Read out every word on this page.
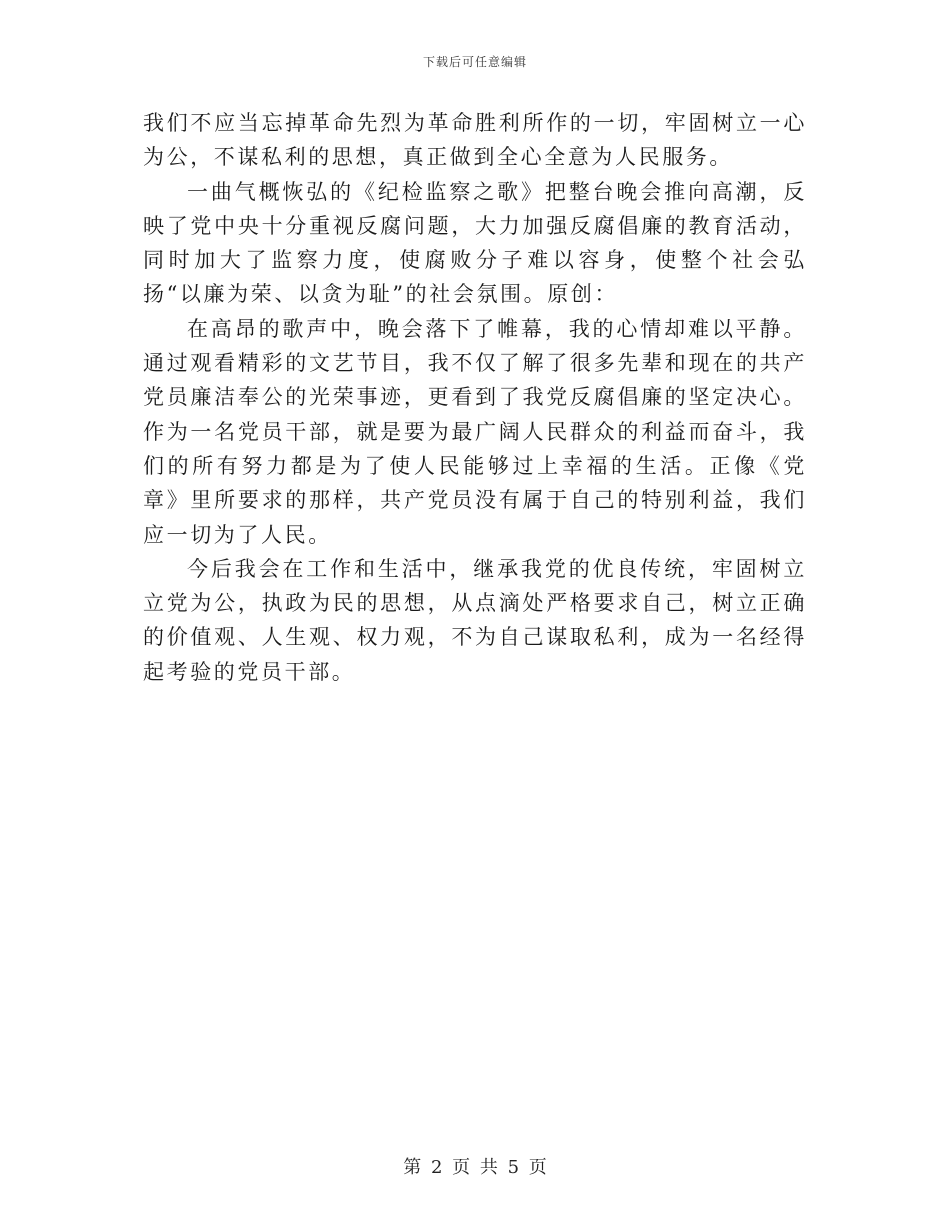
下载后可任意编辑

我们不应当忘掉革命先烈为革命胜利所作的一切，牢固树立一心为公，不谋私利的思想，真正做到全心全意为人民服务。

一曲气概恢弘的《纪检监察之歌》把整台晚会推向高潮，反映了党中央十分重视反腐问题，大力加强反腐倡廉的教育活动，同时加大了监察力度，使腐败分子难以容身，使整个社会弘扬“以廉为荣、以贪为耻”的社会氛围。原创：

在高昂的歌声中，晚会落下了帷幕，我的心情却难以平静。通过观看精彩的文艺节目，我不仅了解了很多先辈和现在的共产党员廉洁奉公的光荣事迹，更看到了我党反腐倡廉的坚定决心。作为一名党员干部，就是要为最广阔人民群众的利益而奋斗，我们的所有努力都是为了使人民能够过上幸福的生活。正像《党章》里所要求的那样，共产党员没有属于自己的特别利益，我们应一切为了人民。

今后我会在工作和生活中，继承我党的优良传统，牢固树立立党为公，执政为民的思想，从点滴处严格要求自己，树立正确的价值观、人生观、权力观，不为自己谋取私利，成为一名经得起考验的党员干部。

第 2 页 共 5 页
